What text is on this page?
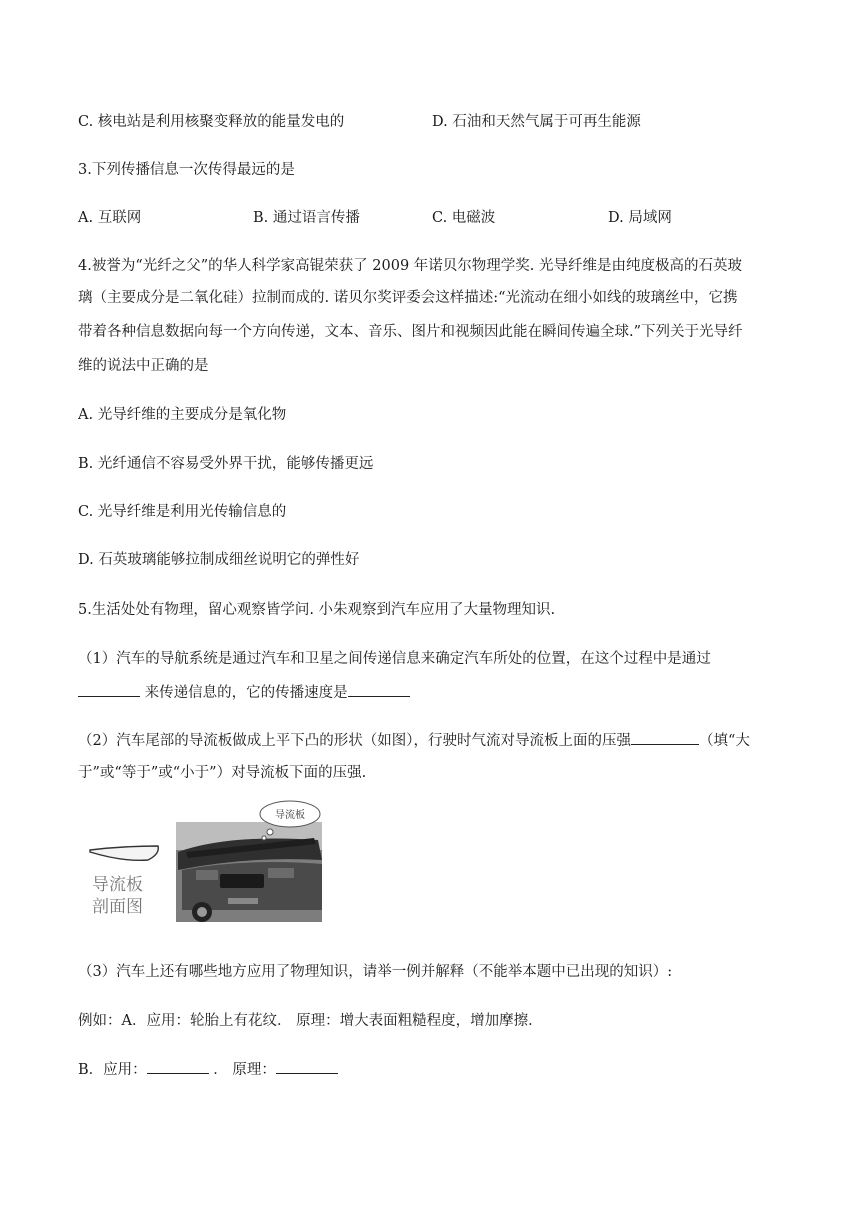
C. 核电站是利用核聚变释放的能量发电的	D. 石油和天然气属于可再生能源
3.下列传播信息一次传得最远的是
A. 互联网	B. 通过语言传播	C. 电磁波	D. 局域网
4.被誉为“光纤之父”的华人科学家高锟荣获了 2009 年诺贝尔物理学奖. 光导纤维是由纯度极高的石英玻
璃（主要成分是二氧化硅）拉制而成的. 诺贝尔奖评委会这样描述:“光流动在细小如线的玻璃丝中，它携
带着各种信息数据向每一个方向传递，文本、音乐、图片和视频因此能在瞬间传遍全球.”下列关于光导纤
维的说法中正确的是
A. 光导纤维的主要成分是氧化物
B. 光纤通信不容易受外界干扰，能够传播更远
C. 光导纤维是利用光传输信息的
D. 石英玻璃能够拉制成细丝说明它的弹性好
5.生活处处有物理，留心观察皆学问. 小朱观察到汽车应用了大量物理知识.
（1）汽车的导航系统是通过汽车和卫星之间传递信息来确定汽车所处的位置，在这个过程中是通过
来传递信息的，它的传播速度是
（2）汽车尾部的导流板做成上平下凸的形状（如图），行驶时气流对导流板上面的压强	（填“大
于”或“等于”或“小于”）对导流板下面的压强.
导流板
剖面图
导流板
（3）汽车上还有哪些地方应用了物理知识，请举一例并解释（不能举本题中已出现的知识）:
例如：A．应用：轮胎上有花纹． 原理：增大表面粗糙程度，增加摩擦．
B．应用：	． 原理：
